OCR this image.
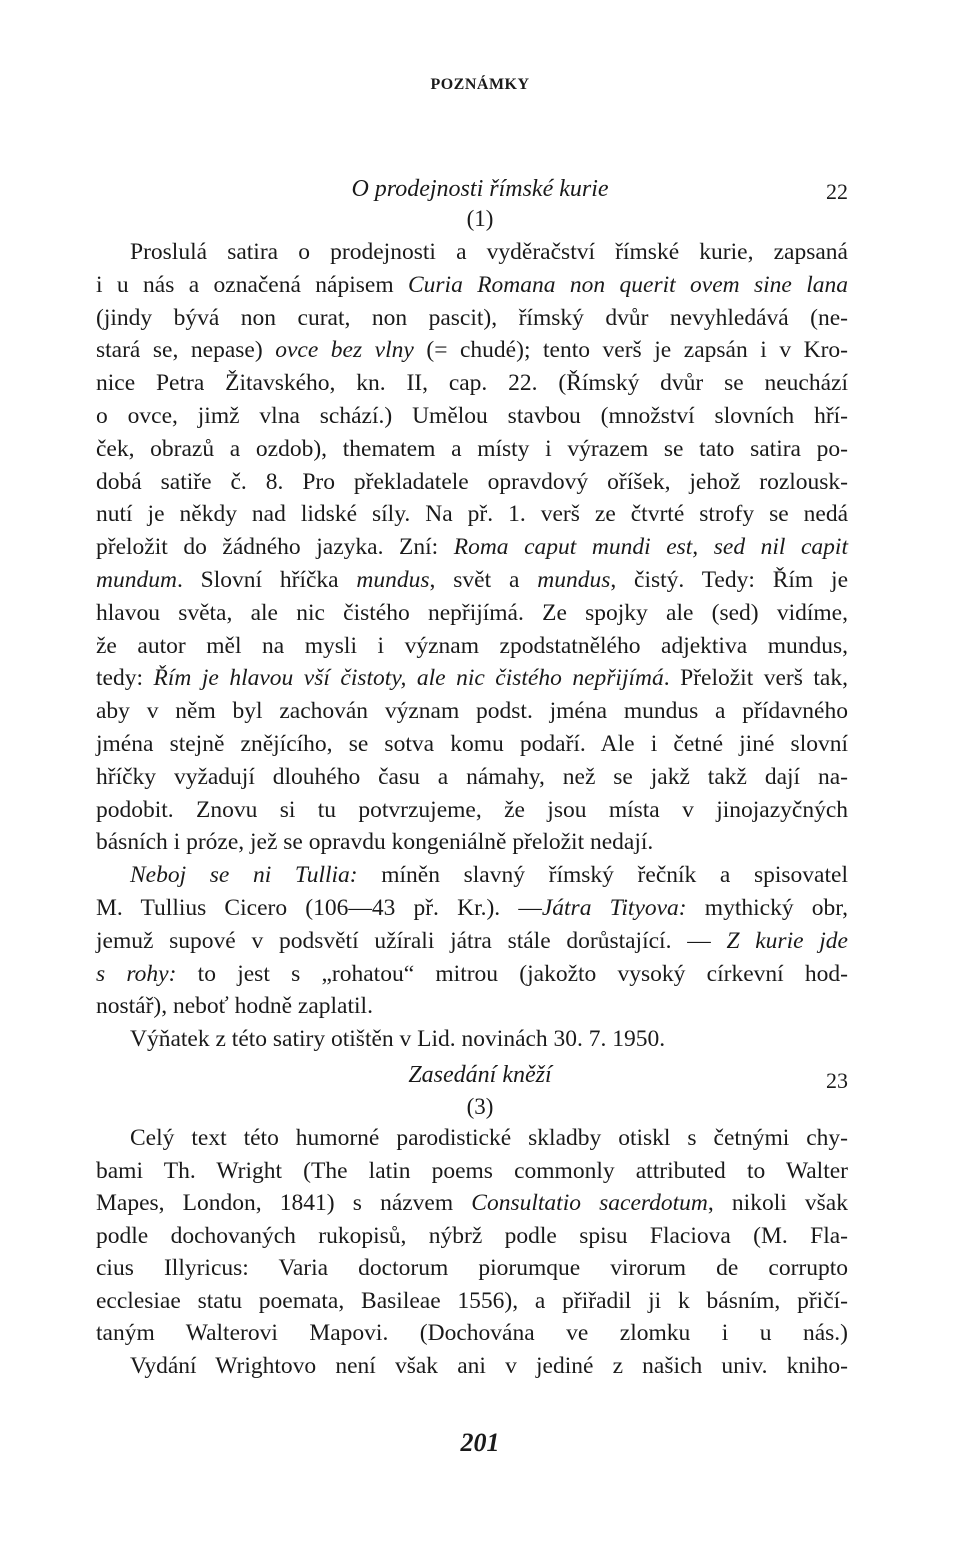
POZNÁMKY
O prodejnosti římské kurie	22
(1)
Proslulá satira o prodejnosti a vyděračství římské kurie, zapsaná
i u nás a označená nápisem Curia Romana non querit ovem sine lana
(jindy bývá non curat, non pascit), římský dvůr nevyhledává (ne-
stará se, nepase) ovce bez vlny (= chudé); tento verš je zapsán i v Kro-
nice Petra Žitavského, kn. II, cap. 22. (Římský dvůr se neuchází
o ovce, jimž vlna schází.) Umělou stavbou (množství slovních hří-
ček, obrazů a ozdob), thematem a místy i výrazem se tato satira po-
dobá satiře č. 8. Pro překladatele opravdový oříšek, jehož rozlousk-
nutí je někdy nad lidské síly. Na př. 1. verš ze čtvrté strofy se nedá
přeložit do žádného jazyka. Zní: Roma caput mundi est, sed nil capit
mundum. Slovní hříčka mundus, svět a mundus, čistý. Tedy: Řím je
hlavou světa, ale nic čistého nepřijímá. Ze spojky ale (sed) vidíme,
že autor měl na mysli i význam zpodstatnělého adjektiva mundus,
tedy: Řím je hlavou vší čistoty, ale nic čistého nepřijímá. Přeložit verš tak,
aby v něm byl zachován význam podst. jména mundus a přídavného
jména stejně znějícího, se sotva komu podaří. Ale i četné jiné slovní
hříčky vyžadují dlouhého času a námahy, než se jakž takž dají na-
podobit. Znovu si tu potvrzujeme, že jsou místa v jinojazyčných
básních i próze, jež se opravdu kongeniálně přeložit nedají.
Neboj se ni Tullia: míněn slavný římský řečník a spisovatel
M. Tullius Cicero (106—43 př. Kr.). —Játra Tityova: mythický obr,
jemuž supové v podsvětí užírali játra stále dorůstající. — Z kurie jde
s rohy: to jest s „rohatou“ mitrou (jakožto vysoký církevní hod-
nostář), neboť hodně zaplatil.
Výňatek z této satiry otištěn v Lid. novinách 30. 7. 1950.
Zasedání kněží	23
(3)
Celý text této humorné parodistické skladby otiskl s četnými chy-
bami Th. Wright (The latin poems commonly attributed to Walter
Mapes, London, 1841) s názvem Consultatio sacerdotum, nikoli však
podle dochovaných rukopisů, nýbrž podle spisu Flaciova (M. Fla-
cius Illyricus: Varia doctorum piorumque virorum de corrupto
ecclesiae statu poemata, Basileae 1556), a přiřadil ji k básním, přičí-
taným Walterovi Mapovi. (Dochována ve zlomku i u nás.)
Vydání Wrightovo není však ani v jediné z našich univ. kniho-
201
